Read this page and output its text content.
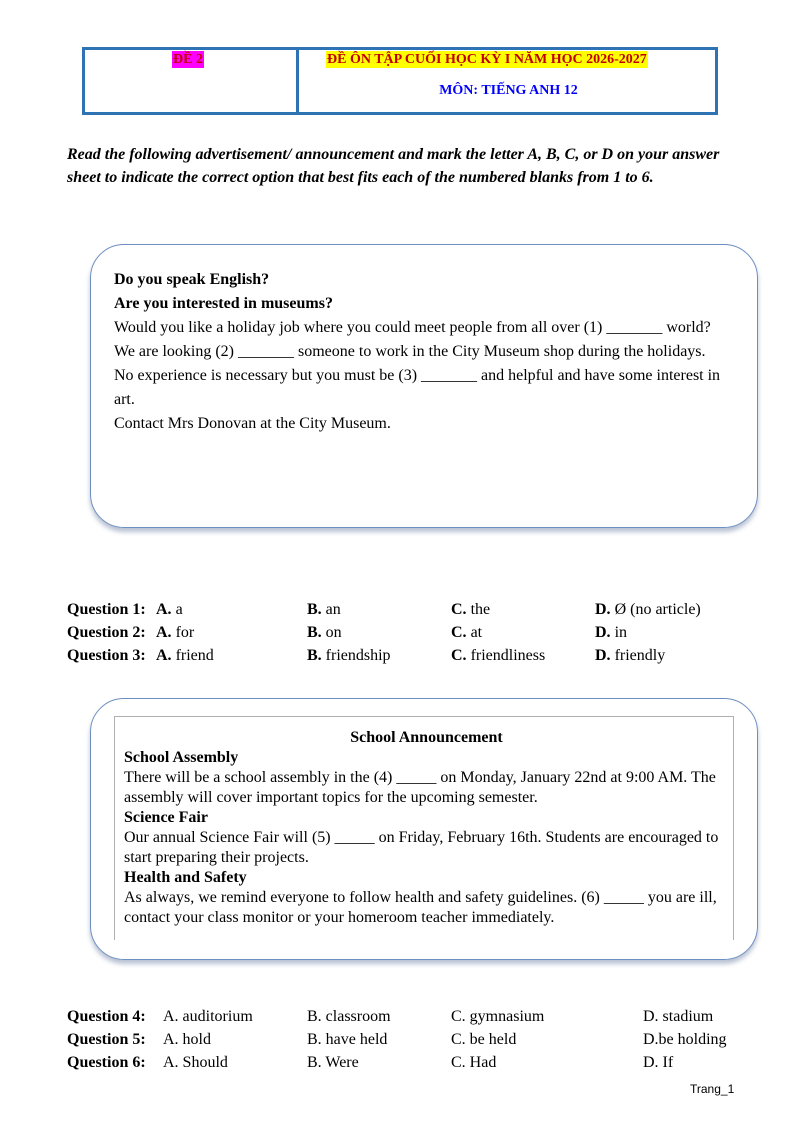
ĐỀ 2	ĐỀ ÔN TẬP CUỐI HỌC KỲ I NĂM HỌC 2026-2027
MÔN: TIẾNG ANH 12
Read the following advertisement/ announcement and mark the letter A, B, C, or D on your answer sheet to indicate the correct option that best fits each of the numbered blanks from 1 to 6.
Do you speak English?
Are you interested in museums?
Would you like a holiday job where you could meet people from all over (1) _______ world?
We are looking (2) _______ someone to work in the City Museum shop during the holidays.
No experience is necessary but you must be (3) _______ and helpful and have some interest in art.
Contact Mrs Donovan at the City Museum.
Question 1: A. a	B. an	C. the	D. Ø (no article)
Question 2: A. for	B. on	C. at	D. in
Question 3: A. friend	B. friendship	C. friendliness	D. friendly
School Announcement
School Assembly
There will be a school assembly in the (4) _____ on Monday, January 22nd at 9:00 AM. The assembly will cover important topics for the upcoming semester.
Science Fair
Our annual Science Fair will (5) _____ on Friday, February 16th. Students are encouraged to start preparing their projects.
Health and Safety
As always, we remind everyone to follow health and safety guidelines. (6) _____ you are ill, contact your class monitor or your homeroom teacher immediately.
Question 4: A. auditorium	B. classroom	C. gymnasium	D. stadium
Question 5: A. hold	B. have held	C. be held	D.be holding
Question 6: A. Should	B. Were	C. Had	D. If
Trang_1
